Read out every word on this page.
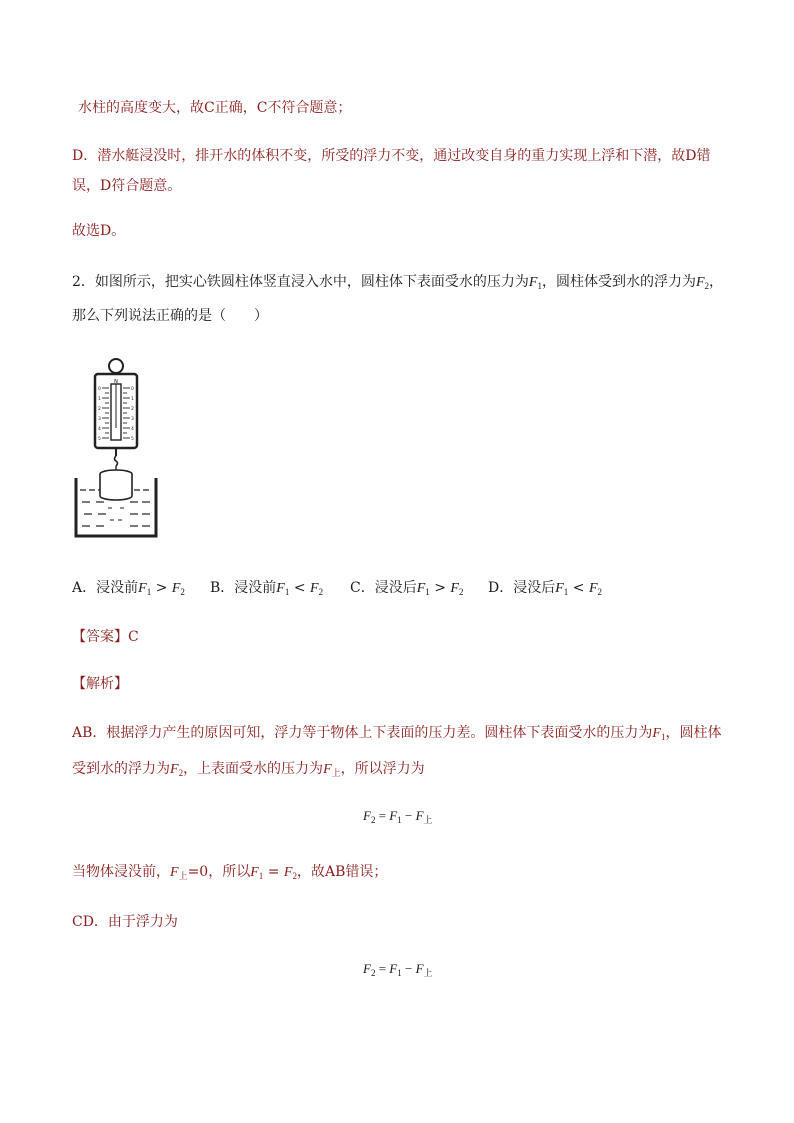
水柱的高度变大，故C正确，C不符合题意；
D．潜水艇浸没时，排开水的体积不变，所受的浮力不变，通过改变自身的重力实现上浮和下潜，故D错
误，D符合题意。
故选D。
2．如图所示，把实心铁圆柱体竖直浸入水中，圆柱体下表面受水的压力为$F_1$，圆柱体受到水的浮力为$F_2$，
那么下列说法正确的是（　　）
N
0
1
2
3
4
5
0
1
2
3
4
5
A．浸没前$F_1 > F_2$ B．浸没前$F_1 < F_2$ C．浸没后$F_1 > F_2$ D．浸没后$F_1 < F_2$
【答案】C
【解析】
AB．根据浮力产生的原因可知，浮力等于物体上下表面的压力差。圆柱体下表面受水的压力为$F_1$，圆柱体
受到水的浮力为$F_2$，上表面受水的压力为$F_上$，所以浮力为
$F_2 = F_1 - F_上$
当物体浸没前，$F_上=0$，所以$F_1 = F_2$，故AB错误；
CD．由于浮力为
$F_2 = F_1 - F_上$
